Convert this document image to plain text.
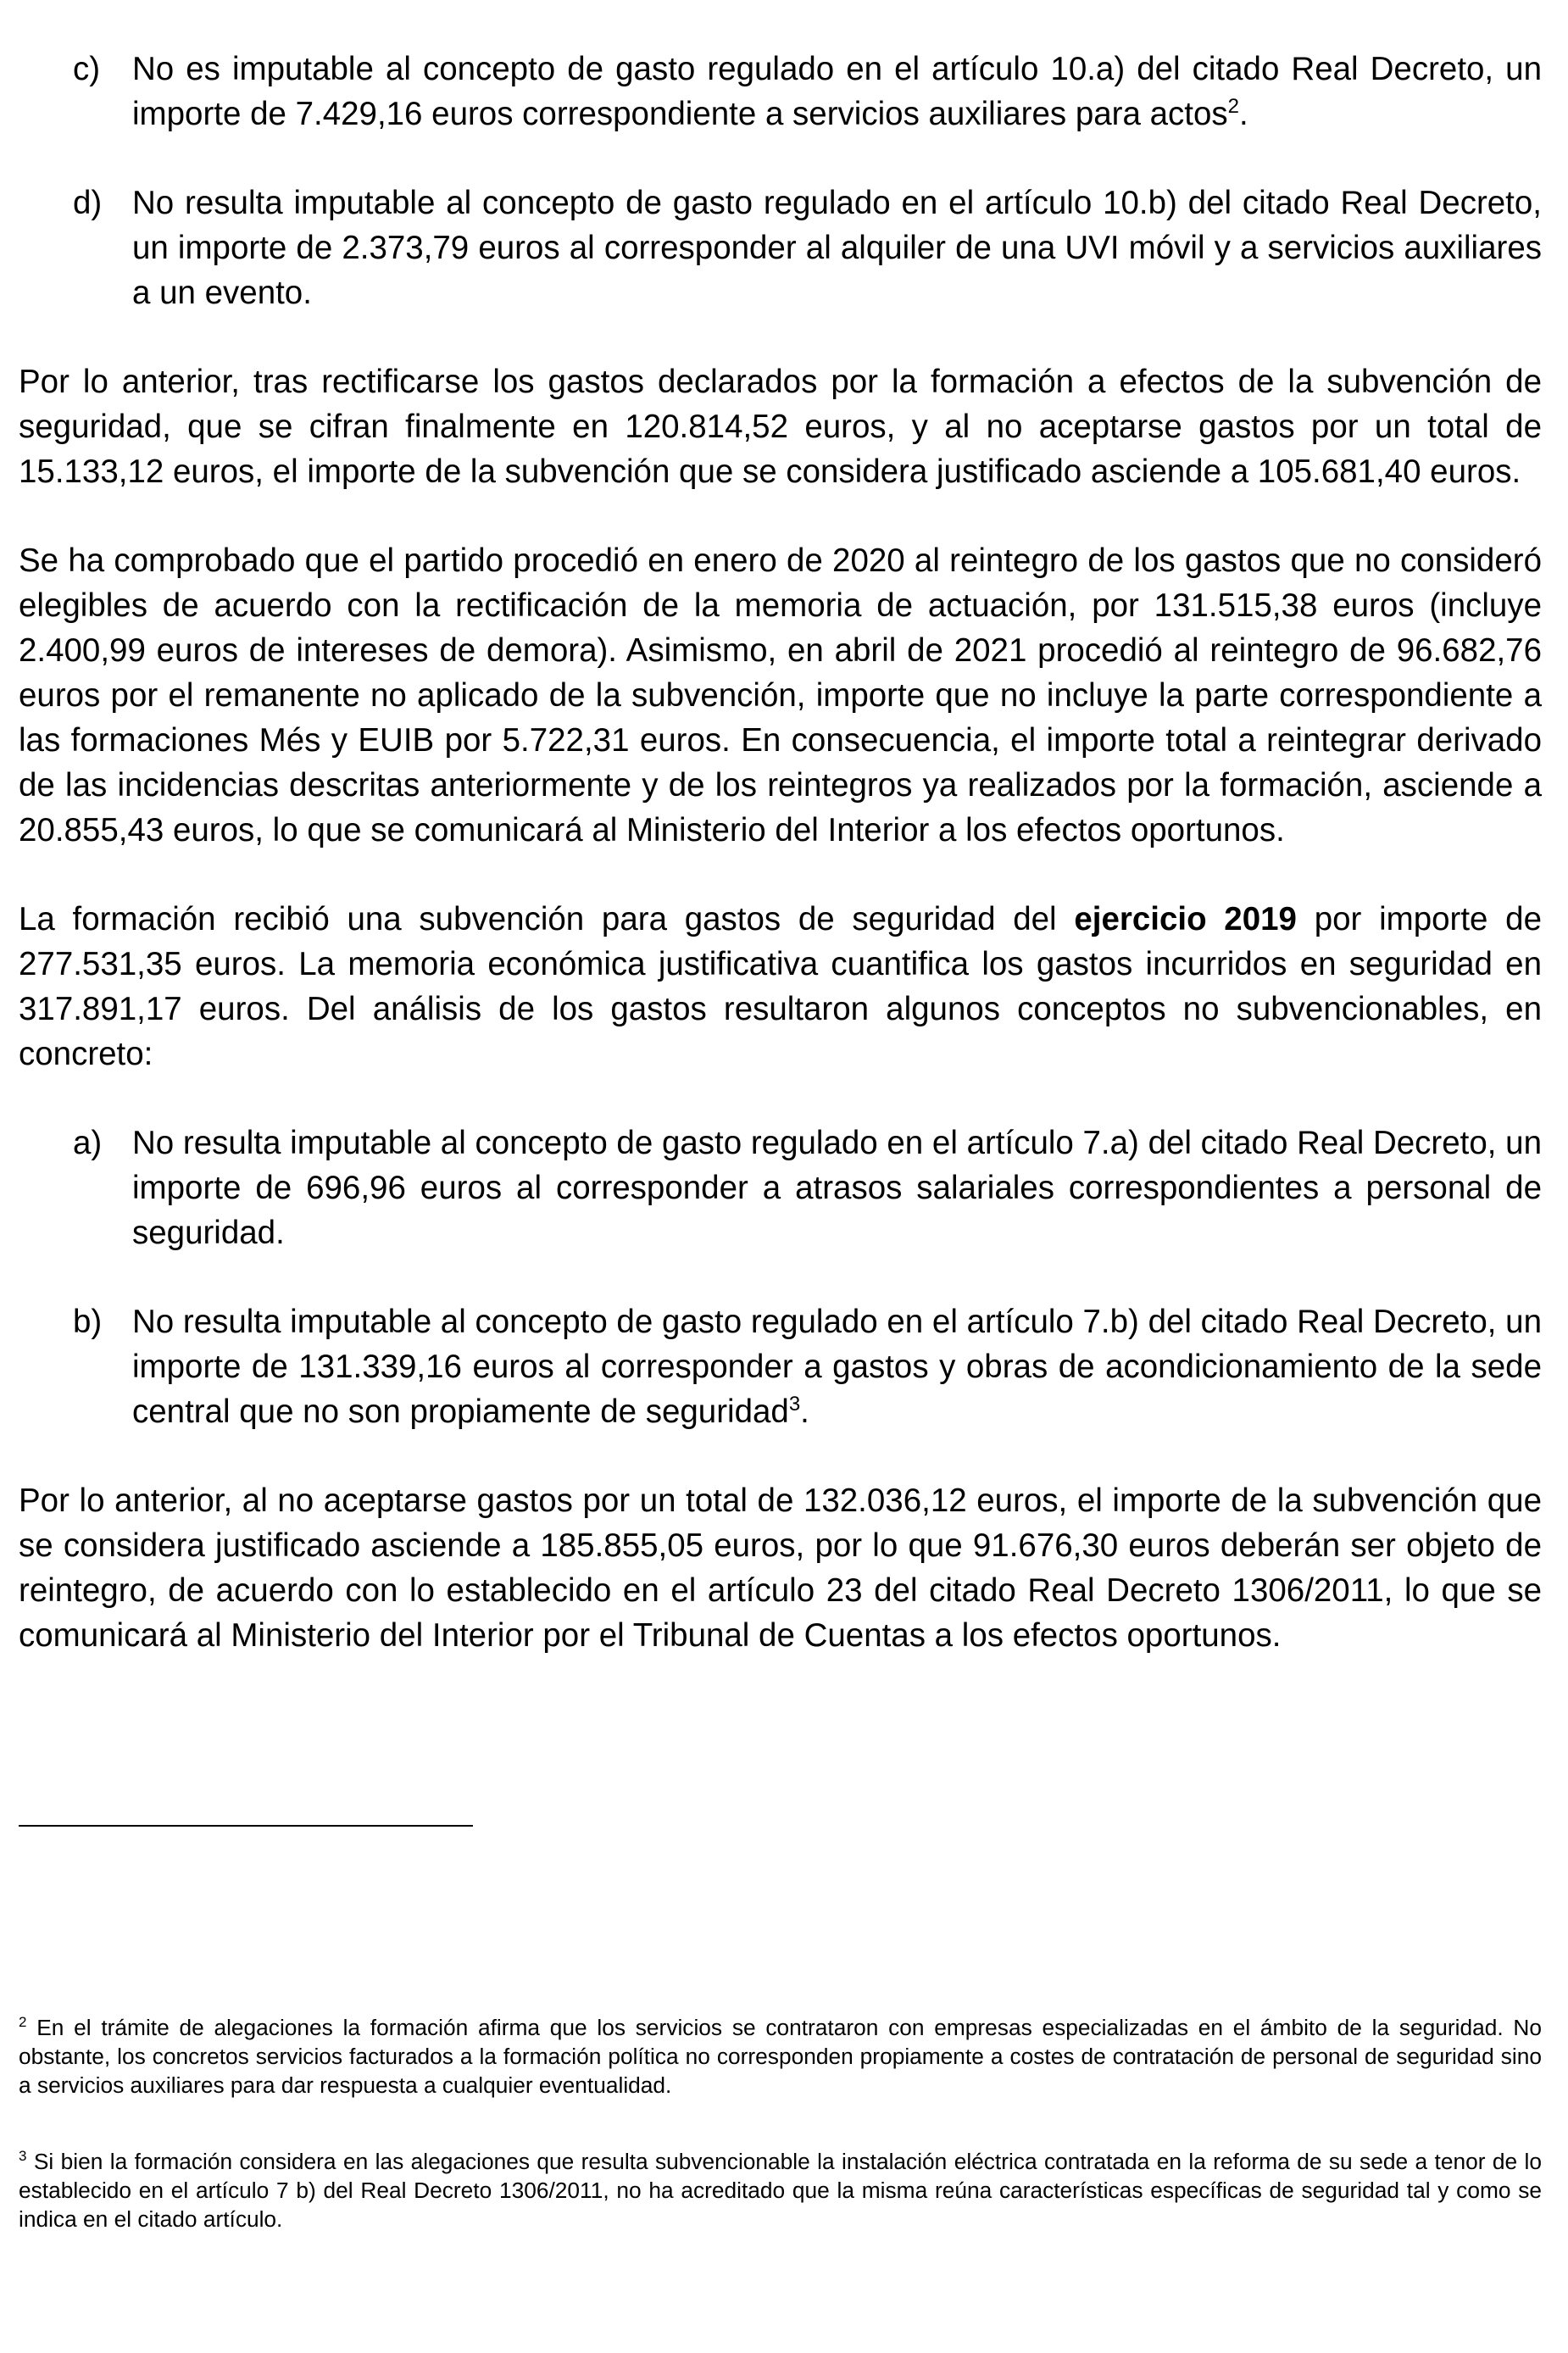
c) No es imputable al concepto de gasto regulado en el artículo 10.a) del citado Real Decreto, un importe de 7.429,16 euros correspondiente a servicios auxiliares para actos$^2$.
d) No resulta imputable al concepto de gasto regulado en el artículo 10.b) del citado Real Decreto, un importe de 2.373,79 euros al corresponder al alquiler de una UVI móvil y a servicios auxiliares a un evento.

Por lo anterior, tras rectificarse los gastos declarados por la formación a efectos de la subvención de seguridad, que se cifran finalmente en 120.814,52 euros, y al no aceptarse gastos por un total de 15.133,12 euros, el importe de la subvención que se considera justificado asciende a 105.681,40 euros.

Se ha comprobado que el partido procedió en enero de 2020 al reintegro de los gastos que no consideró elegibles de acuerdo con la rectificación de la memoria de actuación, por 131.515,38 euros (incluye 2.400,99 euros de intereses de demora). Asimismo, en abril de 2021 procedió al reintegro de 96.682,76 euros por el remanente no aplicado de la subvención, importe que no incluye la parte correspondiente a las formaciones Més y EUIB por 5.722,31 euros. En consecuencia, el importe total a reintegrar derivado de las incidencias descritas anteriormente y de los reintegros ya realizados por la formación, asciende a 20.855,43 euros, lo que se comunicará al Ministerio del Interior a los efectos oportunos.

La formación recibió una subvención para gastos de seguridad del ejercicio 2019 por importe de 277.531,35 euros. La memoria económica justificativa cuantifica los gastos incurridos en seguridad en 317.891,17 euros. Del análisis de los gastos resultaron algunos conceptos no subvencionables, en concreto:

a) No resulta imputable al concepto de gasto regulado en el artículo 7.a) del citado Real Decreto, un importe de 696,96 euros al corresponder a atrasos salariales correspondientes a personal de seguridad.
b) No resulta imputable al concepto de gasto regulado en el artículo 7.b) del citado Real Decreto, un importe de 131.339,16 euros al corresponder a gastos y obras de acondicionamiento de la sede central que no son propiamente de seguridad$^3$.

Por lo anterior, al no aceptarse gastos por un total de 132.036,12 euros, el importe de la subvención que se considera justificado asciende a 185.855,05 euros, por lo que 91.676,30 euros deberán ser objeto de reintegro, de acuerdo con lo establecido en el artículo 23 del citado Real Decreto 1306/2011, lo que se comunicará al Ministerio del Interior por el Tribunal de Cuentas a los efectos oportunos.

$^2$ En el trámite de alegaciones la formación afirma que los servicios se contrataron con empresas especializadas en el ámbito de la seguridad. No obstante, los concretos servicios facturados a la formación política no corresponden propiamente a costes de contratación de personal de seguridad sino a servicios auxiliares para dar respuesta a cualquier eventualidad.

$^3$ Si bien la formación considera en las alegaciones que resulta subvencionable la instalación eléctrica contratada en la reforma de su sede a tenor de lo establecido en el artículo 7 b) del Real Decreto 1306/2011, no ha acreditado que la misma reúna características específicas de seguridad tal y como se indica en el citado artículo.
